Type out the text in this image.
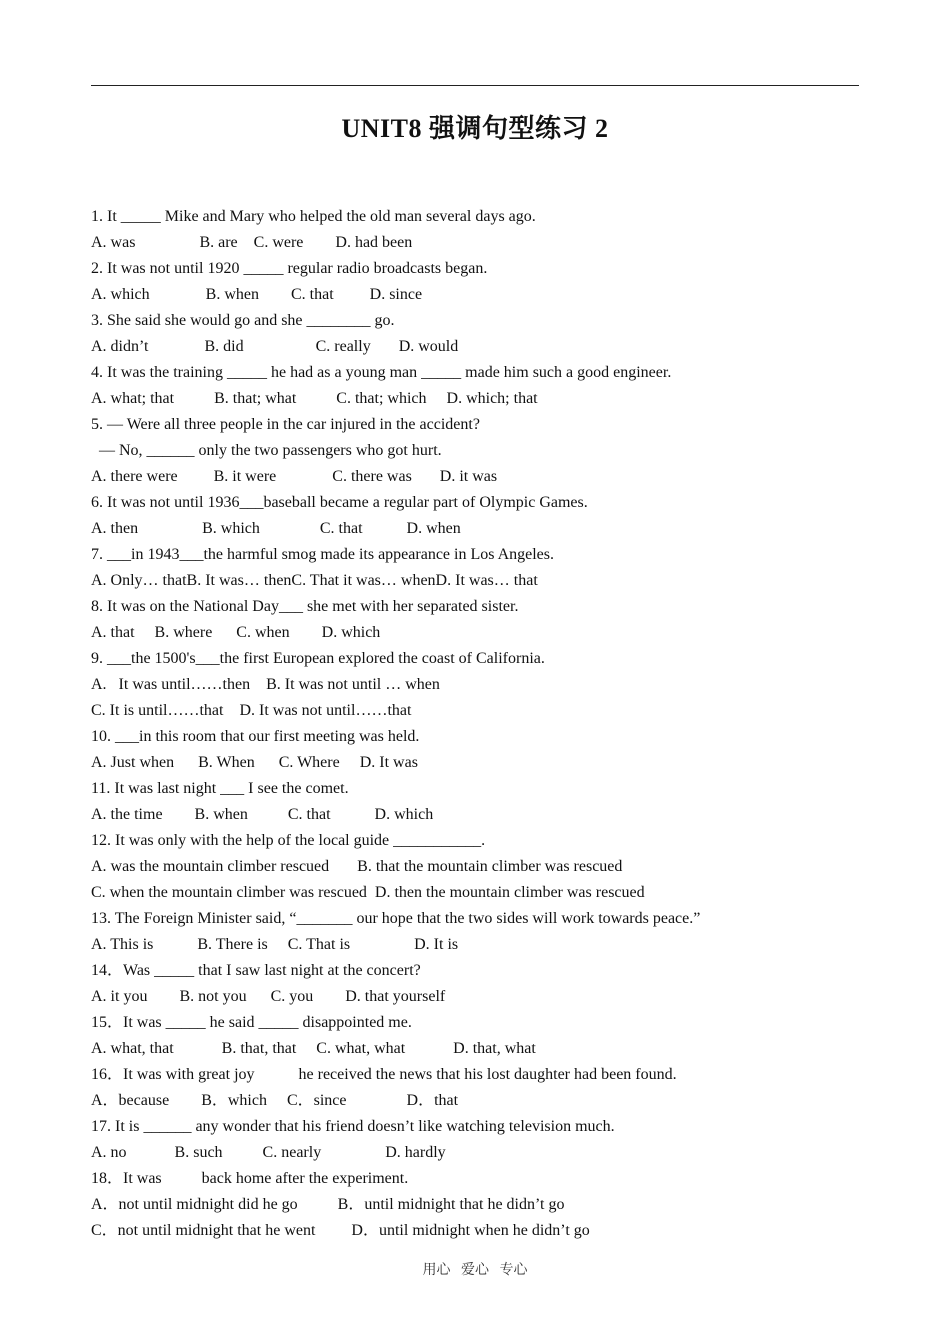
UNIT8 强调句型练习 2
1. It _____ Mike and Mary who helped the old man several days ago.
A. was                B. are    C. were        D. had been
2. It was not until 1920 _____ regular radio broadcasts began.
A. which              B. when        C. that         D. since
3. She said she would go and she ________ go.
A. didn’t              B. did                  C. really       D. would
4. It was the training _____ he had as a young man _____ made him such a good engineer.
A. what; that          B. that; what          C. that; which     D. which; that
5. — Were all three people in the car injured in the accident?
— No, ______ only the two passengers who got hurt.
A. there were         B. it were              C. there was       D. it was
6. It was not until 1936___baseball became a regular part of Olympic Games.
A. then                B. which               C. that           D. when
7. ___in 1943___the harmful smog made its appearance in Los Angeles.
A. Only… thatB. It was… thenC. That it was… whenD. It was… that
8. It was on the National Day___ she met with her separated sister.
A. that     B. where      C. when        D. which
9. ___the 1500's___the first European explored the coast of California.
A.   It was until……then    B. It was not until … when
C. It is until……that    D. It was not until……that
10. ___in this room that our first meeting was held.
A. Just when      B. When      C. Where     D. It was
11. It was last night ___ I see the comet.
A. the time        B. when          C. that           D. which
12. It was only with the help of the local guide ___________.
A. was the mountain climber rescued       B. that the mountain climber was rescued
C. when the mountain climber was rescued  D. then the mountain climber was rescued
13. The Foreign Minister said, “_______ our hope that the two sides will work towards peace.”
A. This is           B. There is     C. That is                D. It is
14．Was _____ that I saw last night at the concert?
A. it you        B. not you      C. you        D. that yourself
15．It was _____ he said _____ disappointed me.
A. what, that            B. that, that     C. what, what            D. that, what
16．It was with great joy           he received the news that his lost daughter had been found.
A．because        B．which     C．since               D．that
17. It is ______ any wonder that his friend doesn’t like watching television much.
A. no            B. such          C. nearly                D. hardly
18．It was          back home after the experiment.
A．not until midnight did he go          B．until midnight that he didn’t go
C．not until midnight that he went         D．until midnight when he didn’t go
用心   爱心   专心
